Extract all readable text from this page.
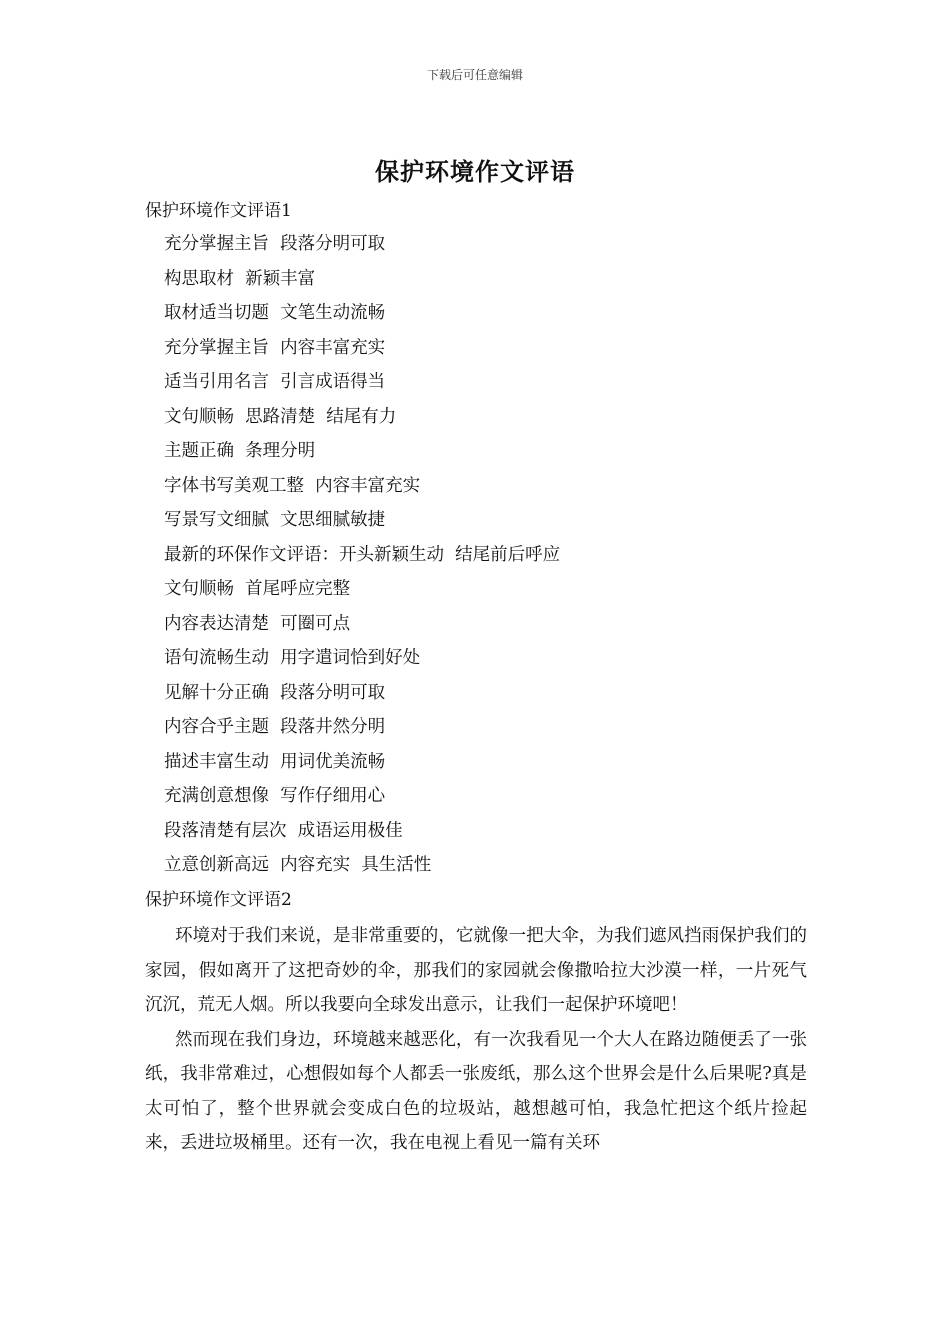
下载后可任意编辑
保护环境作文评语
保护环境作文评语1
充分掌握主旨  段落分明可取
构思取材  新颖丰富
取材适当切题  文笔生动流畅
充分掌握主旨  内容丰富充实
适当引用名言  引言成语得当
文句顺畅  思路清楚  结尾有力
主题正确  条理分明
字体书写美观工整  内容丰富充实
写景写文细腻  文思细腻敏捷
最新的环保作文评语：开头新颖生动  结尾前后呼应
文句顺畅  首尾呼应完整
内容表达清楚  可圈可点
语句流畅生动  用字遣词恰到好处
见解十分正确  段落分明可取
内容合乎主题  段落井然分明
描述丰富生动  用词优美流畅
充满创意想像  写作仔细用心
段落清楚有层次  成语运用极佳
立意创新高远  内容充实  具生活性
保护环境作文评语2

环境对于我们来说，是非常重要的，它就像一把大伞，为我们遮风挡雨保护我们的家园，假如离开了这把奇妙的伞，那我们的家园就会像撒哈拉大沙漠一样，一片死气沉沉，荒无人烟。所以我要向全球发出意示，让我们一起保护环境吧！

然而现在我们身边，环境越来越恶化，有一次我看见一个大人在路边随便丢了一张纸，我非常难过，心想假如每个人都丢一张废纸，那么这个世界会是什么后果呢?真是太可怕了，整个世界就会变成白色的垃圾站，越想越可怕，我急忙把这个纸片捡起来，丢进垃圾桶里。还有一次，我在电视上看见一篇有关环
